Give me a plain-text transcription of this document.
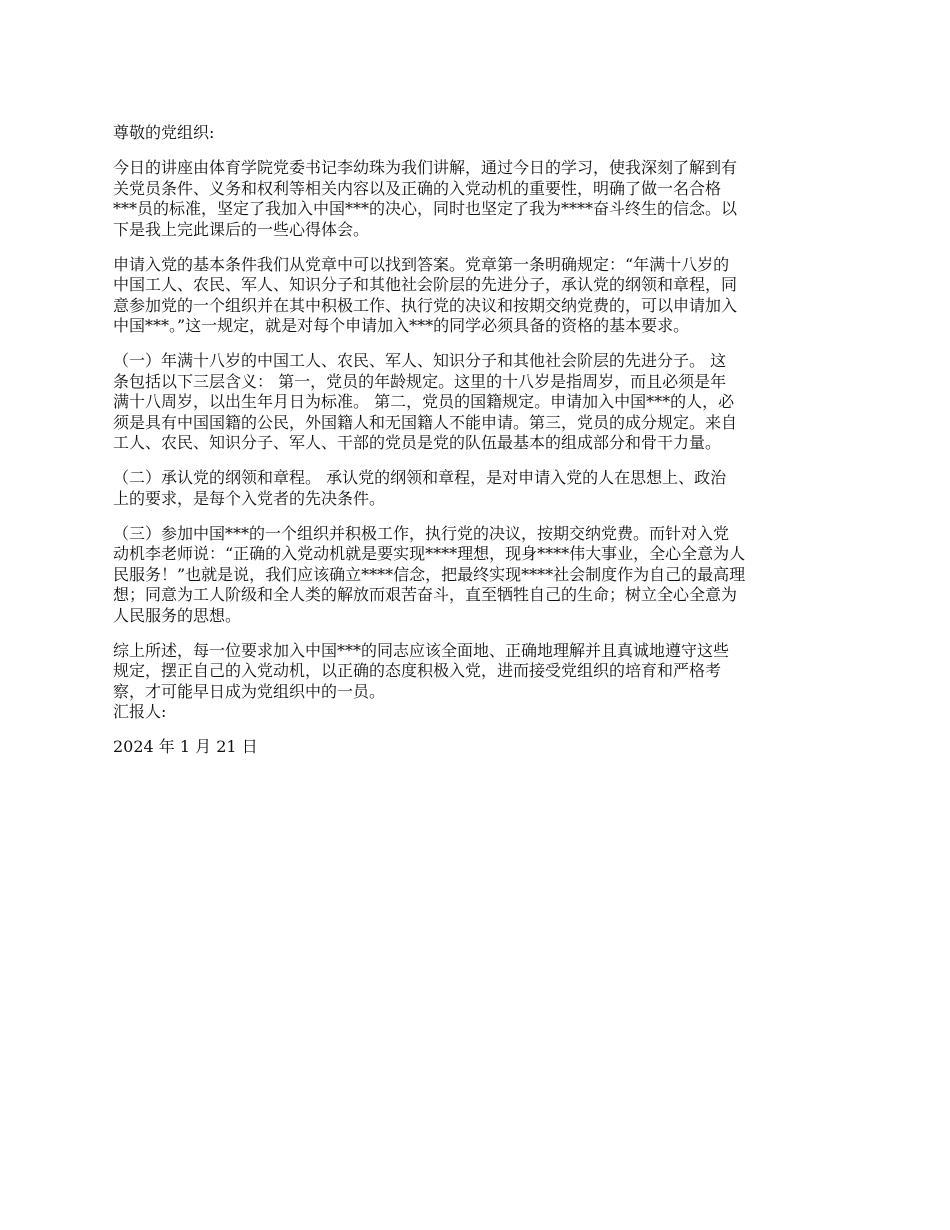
尊敬的党组织:

今日的讲座由体育学院党委书记李幼珠为我们讲解，通过今日的学习，使我深刻了解到有
关党员条件、义务和权利等相关内容以及正确的入党动机的重要性，明确了做一名合格
***员的标准，坚定了我加入中国***的决心，同时也坚定了我为****奋斗终生的信念。以
下是我上完此课后的一些心得体会。

申请入党的基本条件我们从党章中可以找到答案。党章第一条明确规定：“年满十八岁的
中国工人、农民、军人、知识分子和其他社会阶层的先进分子，承认党的纲领和章程，同
意参加党的一个组织并在其中积极工作、执行党的决议和按期交纳党费的，可以申请加入
中国***。”这一规定，就是对每个申请加入***的同学必须具备的资格的基本要求。

（一）年满十八岁的中国工人、农民、军人、知识分子和其他社会阶层的先进分子。 这
条包括以下三层含义： 第一，党员的年龄规定。这里的十八岁是指周岁，而且必须是年
满十八周岁，以出生年月日为标准。 第二，党员的国籍规定。申请加入中国***的人，必
须是具有中国国籍的公民，外国籍人和无国籍人不能申请。第三，党员的成分规定。来自
工人、农民、知识分子、军人、干部的党员是党的队伍最基本的组成部分和骨干力量。

（二）承认党的纲领和章程。 承认党的纲领和章程，是对申请入党的人在思想上、政治
上的要求，是每个入党者的先决条件。

（三）参加中国***的一个组织并积极工作，执行党的决议，按期交纳党费。而针对入党
动机李老师说：“正确的入党动机就是要实现****理想，现身****伟大事业，全心全意为人
民服务！”也就是说，我们应该确立****信念，把最终实现****社会制度作为自己的最高理
想；同意为工人阶级和全人类的解放而艰苦奋斗，直至牺牲自己的生命；树立全心全意为
人民服务的思想。

综上所述，每一位要求加入中国***的同志应该全面地、正确地理解并且真诚地遵守这些
规定，摆正自己的入党动机，以正确的态度积极入党，进而接受党组织的培育和严格考
察，才可能早日成为党组织中的一员。

汇报人:

2024 年 1 月 21 日
